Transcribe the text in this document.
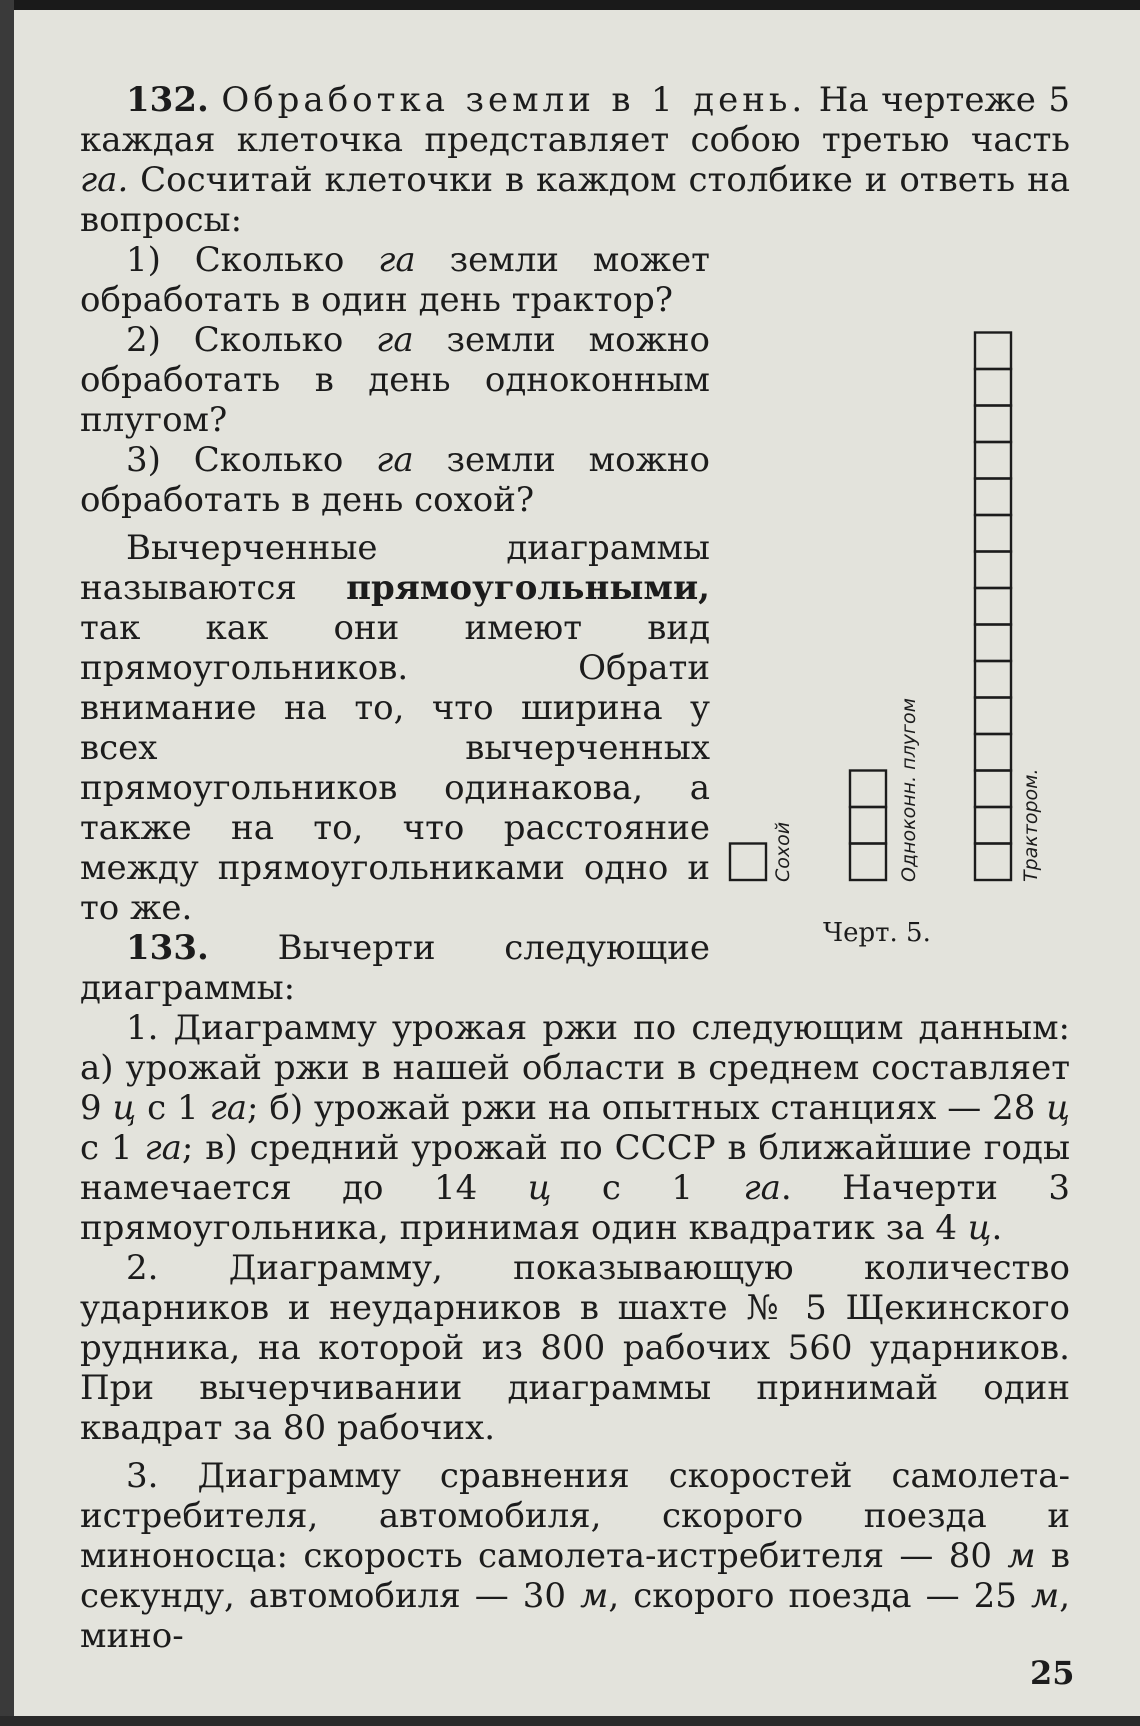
132. Обработка земли в 1 день. На чертеже 5 каждая клеточка представляет собою третью часть га. Сосчитай клеточки в каждом столбике и ответь на вопросы:

1) Сколько га земли может обработать в один день трактор?

2) Сколько га земли можно обработать в день одноконным плугом?

3) Сколько га земли можно обработать в день сохой?

Вычерченные диаграммы называются прямоугольными, так как они имеют вид прямоугольников. Обрати внимание на то, что ширина у всех вычерченных прямоугольников одинакова, а также на то, что расстояние между прямоугольниками одно и то же.

133. Вычерти следующие диаграммы:

1. Диаграмму урожая ржи по следующим данным: а) урожай ржи в нашей области в среднем составляет 9 ц с 1 га; б) урожай ржи на опытных станциях — 28 ц с 1 га; в) средний урожай по СССР в ближайшие годы намечается до 14 ц с 1 га. Начерти 3 прямоугольника, принимая один квадратик за 4 ц.

2. Диаграмму, показывающую количество ударников и неударников в шахте № 5 Щекинского рудника, на которой из 800 рабочих 560 ударников. При вычерчивании диаграммы принимай один квадрат за 80 рабочих.

3. Диаграмму сравнения скоростей самолета-истребителя, автомобиля, скорого поезда и миноносца: скорость самолета-истребителя — 80 м в секунду, автомобиля — 30 м, скорого поезда — 25 м, мино-

Сохой	Одноконн. плугом	Трактором.
Черт. 5.
25
